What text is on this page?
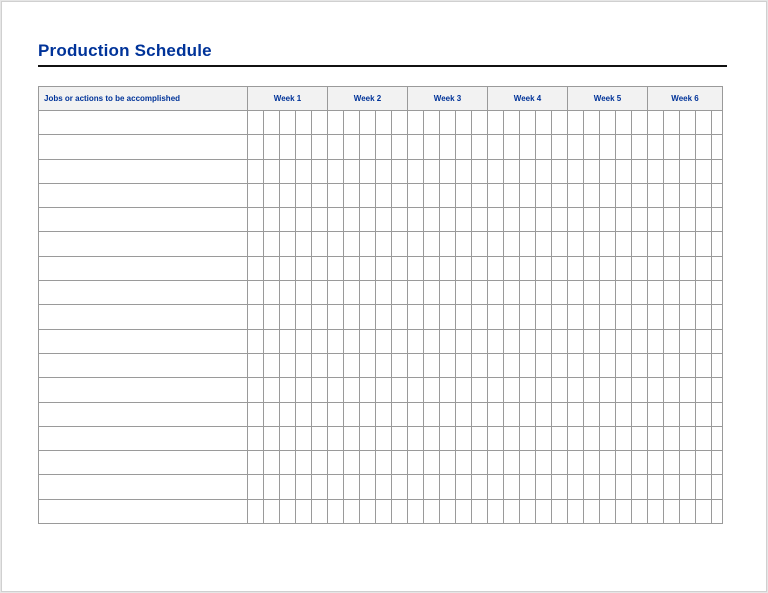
Production Schedule
Jobs or actions to be accomplished	Week 1					Week 2					Week 3					Week 4					Week 5					Week 6				
